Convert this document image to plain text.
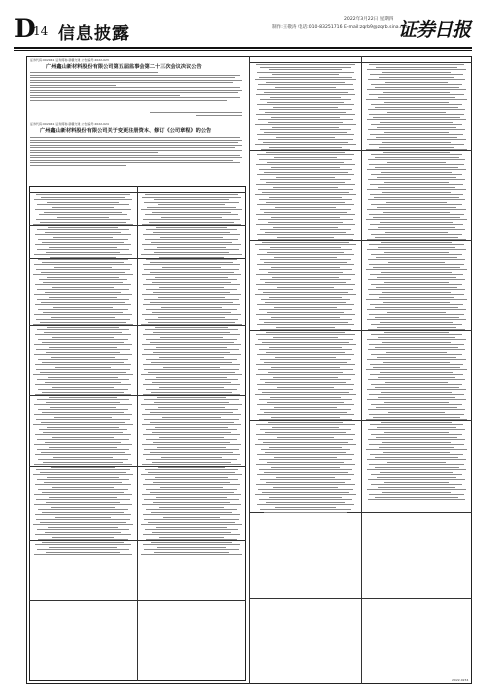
D
14 信息披露
2022年3月22日 星期四
制作:王敬涛 电话:010-83251716 E-mail:zqrb9@zqrb.sina.net
证券日报
证券代码:002941 证券简称:新疆交建 公告编号:2022-023
广州鑫山新材料股份有限公司第五届监事会第二十三次会议决议公告
证券代码:002941 证券简称:新疆交建 公告编号:2022-024
广州鑫山新材料股份有限公司关于变更注册资本、修订《公司章程》的公告
2022-0234
